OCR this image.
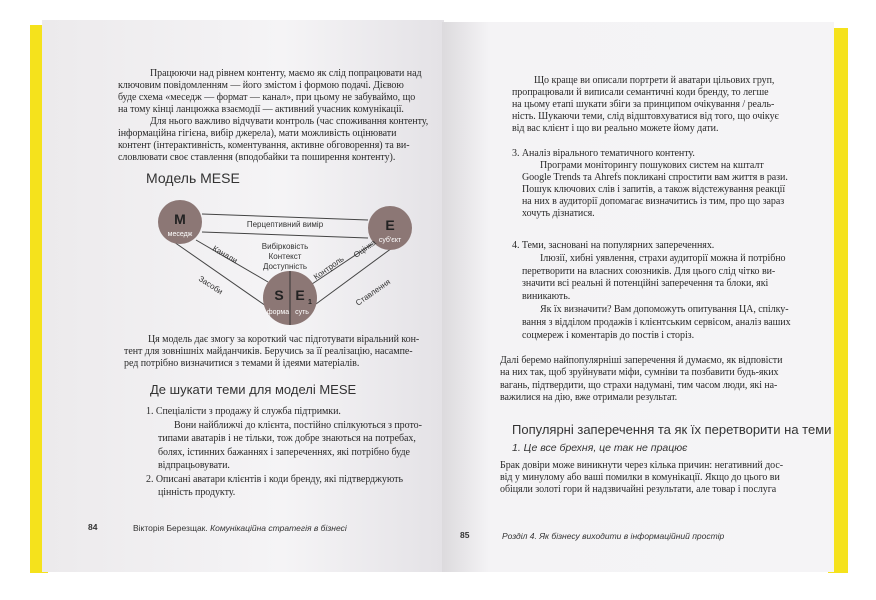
Працюючи над рівнем контенту, маємо як слід попрацювати над
ключовим повідомленням — його змістом і формою подачі. Дієвою
буде схема «меседж — формат — канал», при цьому не забуваймо, що
на тому кінці ланцюжка взаємодії — активний учасник комунікації.
Для нього важливо відчувати контроль (час споживання контенту,
інформаційна гігієна, вибір джерела), мати можливість оцінювати
контент (інтерактивність, коментування, активне обговорення) та ви-
словлювати своє ставлення (вподобайки та поширення контенту).
Ця модель дає змогу за короткий час підготувати віральний кон-
тент для зовнішніх майданчиків. Беручись за її реалізацію, насампе-
ред потрібно визначитися з темами й ідеями матеріалів.
1. Спеціалісти з продажу й служба підтримки.
Вони найближчі до клієнта, постійно спілкуються з прото-
типами аватарів і не тільки, тож добре знаються на потребах,
болях, істинних бажаннях і запереченнях, які потрібно буде
відпрацьовувати.
2. Описані аватари клієнтів і коди бренду, які підтверджують
цінність продукту.
Модель MESE
M
меседж
E
суб'єкт
S E 1
форма суть
Перцептивний вимір
Вибірковість
Контекст
Доступність
Канали
Засоби
Контроль
Оцінка
Ставлення
Де шукати теми для моделі MESE
84	Вікторія Березщак. Комунікаційна стратегія в бізнесі
Що краще ви описали портрети й аватари цільових груп,
пропрацювали й виписали семантичні коди бренду, то легше
на цьому етапі шукати збіги за принципом очікування / реаль-
ність. Шукаючи теми, слід відштовхуватися від того, що очікує
від вас клієнт і що ви реально можете йому дати.
3. Аналіз вірального тематичного контенту.
Програми моніторингу пошукових систем на кшталт
Google Trends та Ahrefs покликані спростити вам життя в рази.
Пошук ключових слів і запитів, а також відстежування реакції
на них в аудиторії допомагає визначитись із тим, про що зараз
хочуть дізнатися.
4. Теми, засновані на популярних запереченнях.
Ілюзії, хибні уявлення, страхи аудиторії можна й потрібно
перетворити на власних союзників. Для цього слід чітко ви-
значити всі реальні й потенційні заперечення та блоки, які
виникають.
Як їх визначити? Вам допоможуть опитування ЦА, спілку-
вання з відділом продажів і клієнтським сервісом, аналіз ваших
соцмереж і коментарів до постів і сторіз.
Далі беремо найпопулярніші заперечення й думаємо, як відповісти
на них так, щоб зруйнувати міфи, сумніви та позбавити будь-яких
вагань, підтвердити, що страхи надумані, тим часом люди, які на-
важилися на дію, вже отримали результат.
Брак довіри може виникнути через кілька причин: негативний дос-
від у минулому або ваші помилки в комунікації. Якщо до цього ви
обіцяли золоті гори й надзвичайні результати, але товар і послуга
Популярні заперечення та як їх перетворити на теми
1. Це все брехня, це так не працює
85	Розділ 4. Як бізнесу виходити в інформаційний простір
